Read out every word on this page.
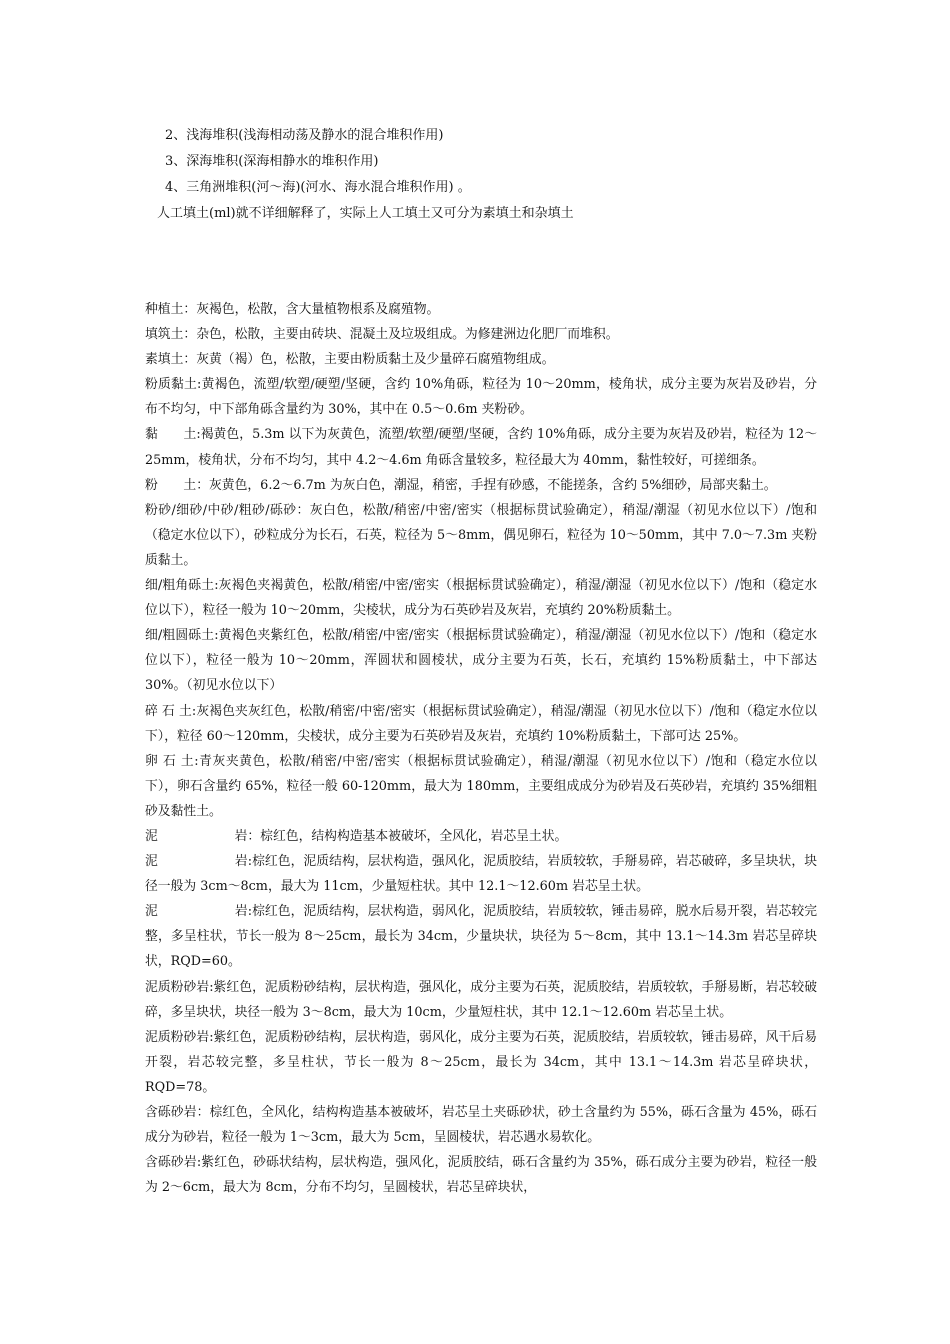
2、浅海堆积(浅海相动荡及静水的混合堆积作用)
3、深海堆积(深海相静水的堆积作用)
4、三角洲堆积(河～海)(河水、海水混合堆积作用) 。
人工填土(ml)就不详细解释了，实际上人工填土又可分为素填土和杂填土

种植土：灰褐色，松散，含大量植物根系及腐殖物。

填筑土：杂色，松散，主要由砖块、混凝土及垃圾组成。为修建洲边化肥厂而堆积。

素填土：灰黄（褐）色，松散，主要由粉质黏土及少量碎石腐殖物组成。

粉质黏土:黄褐色，流塑/软塑/硬塑/坚硬，含约 10%角砾，粒径为 10～20mm，棱角状，成分主要为灰岩及砂岩，分布不均匀，中下部角砾含量约为 30%，其中在 0.5～0.6m 夹粉砂。

黏　　土:褐黄色，5.3m 以下为灰黄色，流塑/软塑/硬塑/坚硬，含约 10%角砾，成分主要为灰岩及砂岩，粒径为 12～25mm，棱角状，分布不均匀，其中 4.2～4.6m 角砾含量较多，粒径最大为 40mm，黏性较好，可搓细条。

粉　　土：灰黄色，6.2～6.7m 为灰白色，潮湿，稍密，手捏有砂感，不能搓条，含约 5%细砂，局部夹黏土。

粉砂/细砂/中砂/粗砂/砾砂：灰白色，松散/稍密/中密/密实（根据标贯试验确定），稍湿/潮湿（初见水位以下）/饱和（稳定水位以下），砂粒成分为长石，石英，粒径为 5～8mm，偶见卵石，粒径为 10～50mm，其中 7.0～7.3m 夹粉质黏土。

细/粗角砾土:灰褐色夹褐黄色，松散/稍密/中密/密实（根据标贯试验确定），稍湿/潮湿（初见水位以下）/饱和（稳定水位以下），粒径一般为 10～20mm，尖棱状，成分为石英砂岩及灰岩，充填约 20%粉质黏土。

细/粗圆砾土:黄褐色夹紫红色，松散/稍密/中密/密实（根据标贯试验确定），稍湿/潮湿（初见水位以下）/饱和（稳定水位以下），粒径一般为 10～20mm，浑圆状和圆棱状，成分主要为石英，长石，充填约 15%粉质黏土，中下部达 30%。（初见水位以下）

碎 石 土:灰褐色夹灰红色，松散/稍密/中密/密实（根据标贯试验确定），稍湿/潮湿（初见水位以下）/饱和（稳定水位以下），粒径 60～120mm，尖棱状，成分主要为石英砂岩及灰岩，充填约 10%粉质黏土，下部可达 25%。

卵 石 土:青灰夹黄色，松散/稍密/中密/密实（根据标贯试验确定），稍湿/潮湿（初见水位以下）/饱和（稳定水位以下），卵石含量约 65%，粒径一般 60-120mm，最大为 180mm，主要组成成分为砂岩及石英砂岩，充填约 35%细粗砂及黏性土。

泥　　　　　　岩：棕红色，结构构造基本被破坏，全风化，岩芯呈土状。

泥　　　　　　岩:棕红色，泥质结构，层状构造，强风化，泥质胶结，岩质较软，手掰易碎，岩芯破碎，多呈块状，块径一般为 3cm～8cm，最大为 11cm，少量短柱状。其中 12.1～12.60m 岩芯呈土状。

泥　　　　　　岩:棕红色，泥质结构，层状构造，弱风化，泥质胶结，岩质较软，锤击易碎，脱水后易开裂，岩芯较完整，多呈柱状，节长一般为 8～25cm，最长为 34cm，少量块状，块径为 5～8cm，其中 13.1～14.3m 岩芯呈碎块状，RQD=60。

泥质粉砂岩:紫红色，泥质粉砂结构，层状构造，强风化，成分主要为石英，泥质胶结，岩质较软，手掰易断，岩芯较破碎，多呈块状，块径一般为 3～8cm，最大为 10cm，少量短柱状，其中 12.1～12.60m 岩芯呈土状。

泥质粉砂岩:紫红色，泥质粉砂结构，层状构造，弱风化，成分主要为石英，泥质胶结，岩质较软，锤击易碎，风干后易开裂，岩芯较完整，多呈柱状，节长一般为 8～25cm，最长为 34cm，其中 13.1～14.3m 岩芯呈碎块状，RQD=78。

含砾砂岩：棕红色，全风化，结构构造基本被破坏，岩芯呈土夹砾砂状，砂土含量约为 55%，砾石含量为 45%，砾石成分为砂岩，粒径一般为 1～3cm，最大为 5cm，呈圆棱状，岩芯遇水易软化。

含砾砂岩:紫红色，砂砾状结构，层状构造，强风化，泥质胶结，砾石含量约为 35%，砾石成分主要为砂岩，粒径一般为 2～6cm，最大为 8cm，分布不均匀，呈圆棱状，岩芯呈碎块状，
